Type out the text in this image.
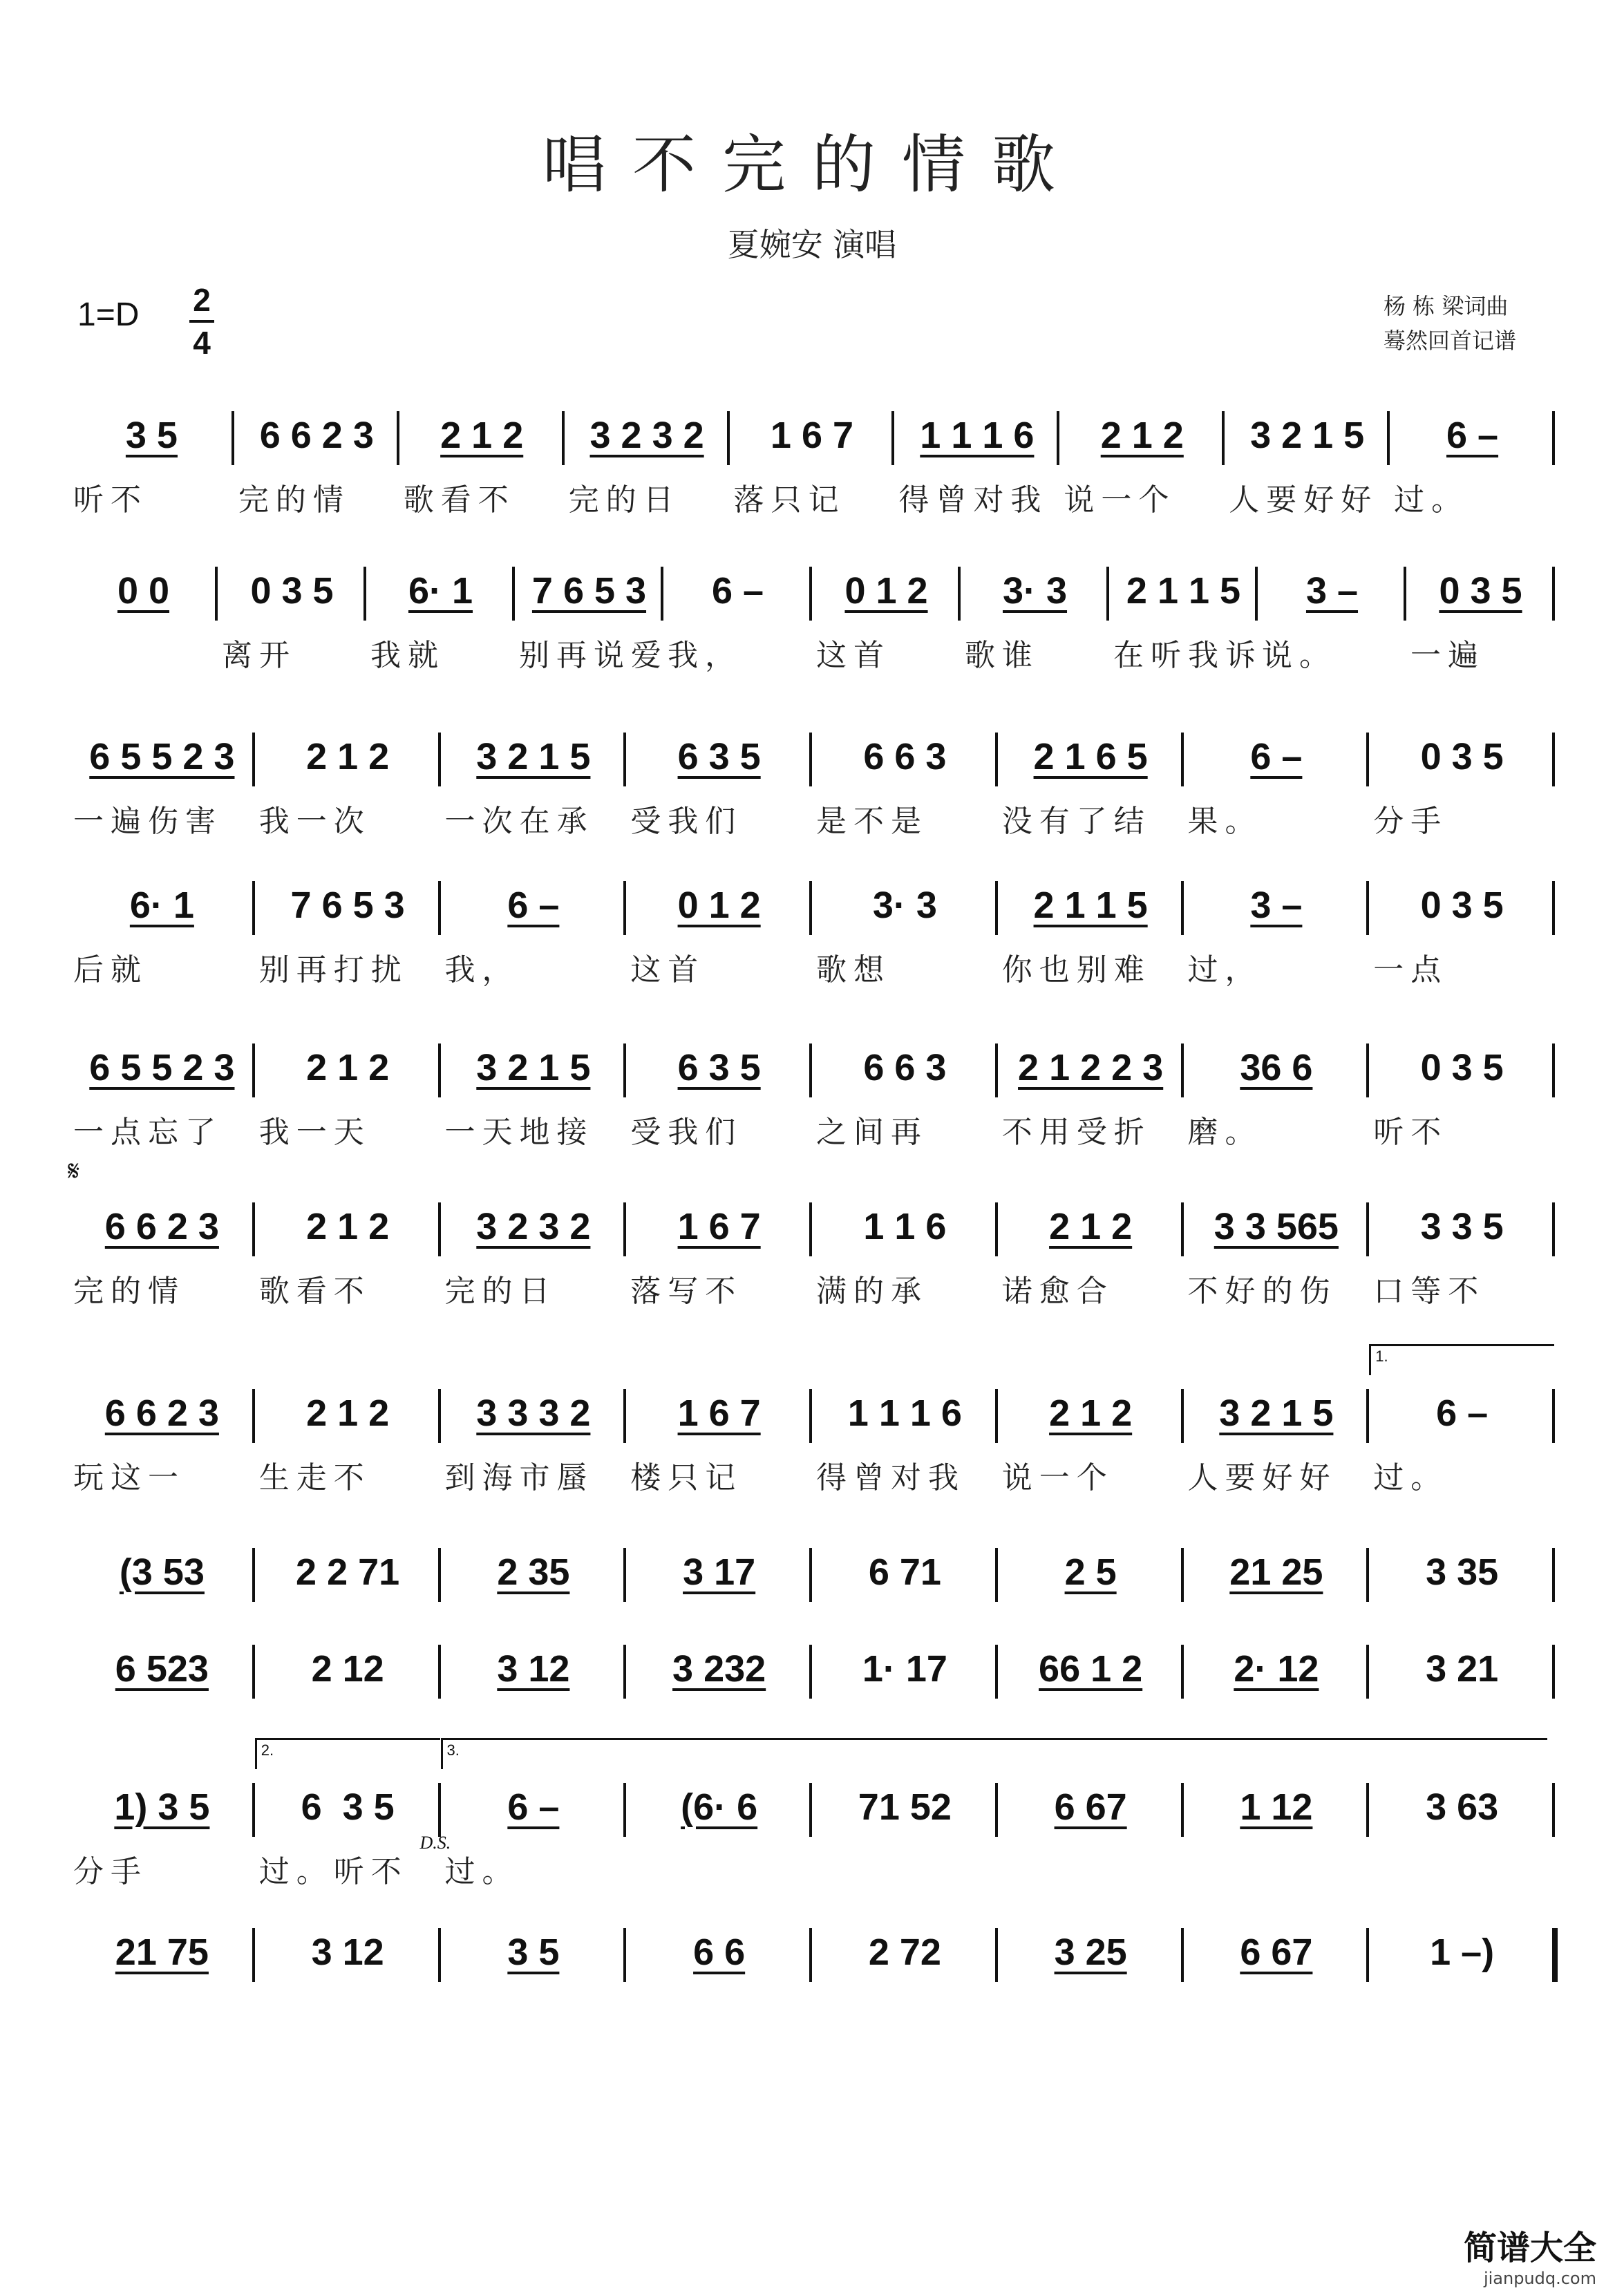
唱不完的情歌
夏婉安 演唱
1=D 2
4
杨 栋 梁词曲
蓦然回首记谱
3 5 6 6 2 3 2 1 2 3 2 3 2 1 6 7 1 1 1 6 2 1 2 3 2 1 5 6 –
听不	完的情 歌看不 完的日 落只记 得曾对我 说一个 人要好好 过。
0 0 0 3 5 6· 1 7 6 5 3 6 – 0 1 2 3· 3 2 1 1 5 3 – 0 3 5
离开 我就 别再说爱 我， 这首 歌谁 在听我诉 说。 一遍
6 5 5 2 3 2 1 2 3 2 1 5 6 3 5	6 6 3 2 1 6 5	6 –	0 3 5
一遍伤害 我一次 一次在承 受我们 是不是 没有了结 果。	分手
6· 1	7 6 5 3	6 –	0 1 2	3· 3	2 1 1 5	3 –	0 3 5
后就	别再打扰 我，	这首	歌想	你也别难 过，	一点
6 5 5 2 3 2 1 2 3 2 1 5 6 3 5	6 6 3 2 1 2 2 3 36 6	0 3 5
一点忘了 我一天 一天地接 受我们 之间再 不用受折 磨。	听不
6 6 2 3 2 1 2 3 2 3 2 1 6 7	1 1 6	2 1 2 3 3 565 3 3 5
完的情 歌看不 完的日 落写不 满的承 诺愈合 不好的伤 口等不
𝄋
6 6 2 3 2 1 2 3 3 3 2 1 6 7 1 1 1 6 2 1 2 3 2 1 5	6 –
玩这一 生走不 到海市蜃 楼只记 得曾对我 说一个 人要好好 过。
1.
(3 53 2 2 71	2 35	3 17	6 71	2 5	21 25	3 35
6 523	2 12	3 12	3 232	1· 17 66 1 2 2· 12	3 21
1) 3 5 6  3 5	6 –	(6· 6	71 52	6 67	1 12	3 63
分手	过。听不 过。
2.	3.
D.S.
21 75	3 12	3 5	6 6	2 72	3 25	6 67	1 –)
简谱大全
jianpudq.com
